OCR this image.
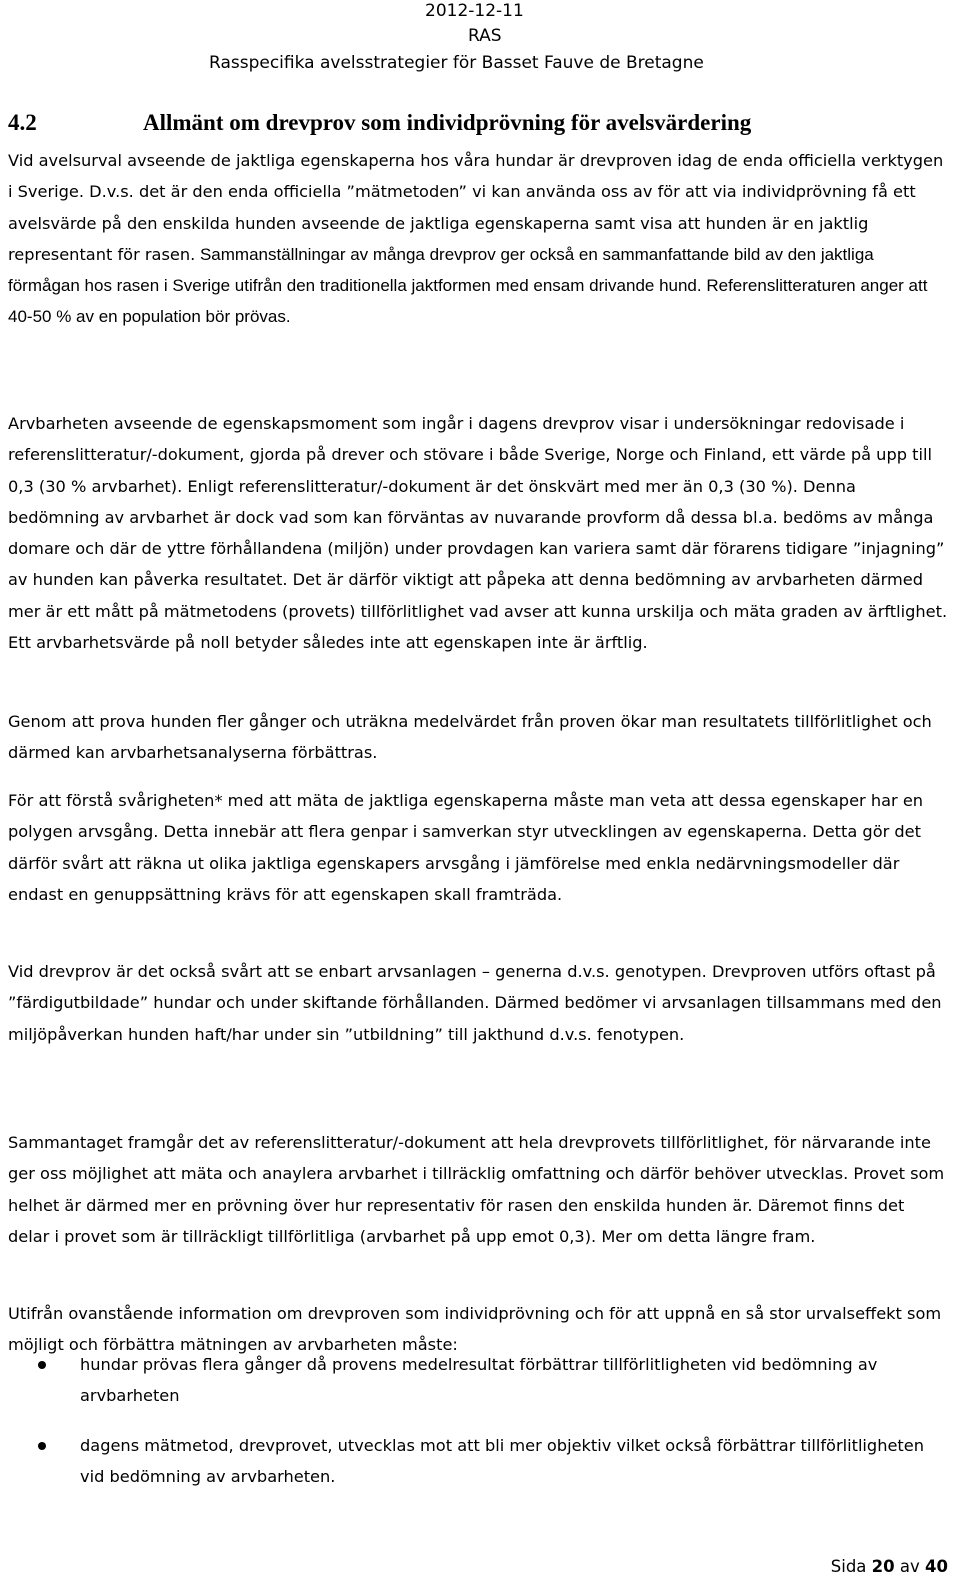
2012-12-11
RAS
Rasspecifika avelsstrategier för Basset Fauve de Bretagne
4.2	Allmänt om drevprov som individprövning för avelsvärdering

Vid avelsurval avseende de jaktliga egenskaperna hos våra hundar är drevproven idag de enda officiella verktygen i Sverige. D.v.s. det är den enda officiella ”mätmetoden” vi kan använda oss av för att via individprövning få ett avelsvärde på den enskilda hunden avseende de jaktliga egenskaperna samt visa att hunden är en jaktlig representant för rasen. Sammanställningar av många drevprov ger också en sammanfattande bild av den jaktliga förmågan hos rasen i Sverige utifrån den traditionella jaktformen med ensam drivande hund. Referenslitteraturen anger att 40-50 % av en population bör prövas.

Arvbarheten avseende de egenskapsmoment som ingår i dagens drevprov visar i undersökningar redovisade i referenslitteratur/-dokument, gjorda på drever och stövare i både Sverige, Norge och Finland, ett värde på upp till 0,3 (30 % arvbarhet). Enligt referenslitteratur/-dokument är det önskvärt med mer än 0,3 (30 %). Denna bedömning av arvbarhet är dock vad som kan förväntas av nuvarande provform då dessa bl.a. bedöms av många domare och där de yttre förhållandena (miljön) under provdagen kan variera samt där förarens tidigare ”injagning” av hunden kan påverka resultatet. Det är därför viktigt att påpeka att denna bedömning av arvbarheten därmed mer är ett mått på mätmetodens (provets) tillförlitlighet vad avser att kunna urskilja och mäta graden av ärftlighet. Ett arvbarhetsvärde på noll betyder således inte att egenskapen inte är ärftlig.

Genom att prova hunden fler gånger och uträkna medelvärdet från proven ökar man resultatets tillförlitlighet och därmed kan arvbarhetsanalyserna förbättras.

För att förstå svårigheten* med att mäta de jaktliga egenskaperna måste man veta att dessa egenskaper har en polygen arvsgång. Detta innebär att flera genpar i samverkan styr utvecklingen av egenskaperna. Detta gör det därför svårt att räkna ut olika jaktliga egenskapers arvsgång i jämförelse med enkla nedärvningsmodeller där endast en genuppsättning krävs för att egenskapen skall framträda.

Vid drevprov är det också svårt att se enbart arvsanlagen – generna d.v.s. genotypen. Drevproven utförs oftast på ”färdigutbildade” hundar och under skiftande förhållanden. Därmed bedömer vi arvsanlagen tillsammans med den miljöpåverkan hunden haft/har under sin ”utbildning” till jakthund d.v.s. fenotypen.

Sammantaget framgår det av referenslitteratur/-dokument att hela drevprovets tillförlitlighet, för närvarande inte ger oss möjlighet att mäta och anaylera arvbarhet i tillräcklig omfattning och därför behöver utvecklas. Provet som helhet är därmed mer en prövning över hur representativ för rasen den enskilda hunden är. Däremot finns det delar i provet som är tillräckligt tillförlitliga (arvbarhet på upp emot 0,3). Mer om detta längre fram.

Utifrån ovanstående information om drevproven som individprövning och för att uppnå en så stor urvalseffekt som möjligt och förbättra mätningen av arvbarheten måste:

hundar prövas flera gånger då provens medelresultat förbättrar tillförlitligheten vid bedömning av arvbarheten
dagens mätmetod, drevprovet, utvecklas mot att bli mer objektiv vilket också förbättrar tillförlitligheten vid bedömning av arvbarheten.
Sida 20 av 40
